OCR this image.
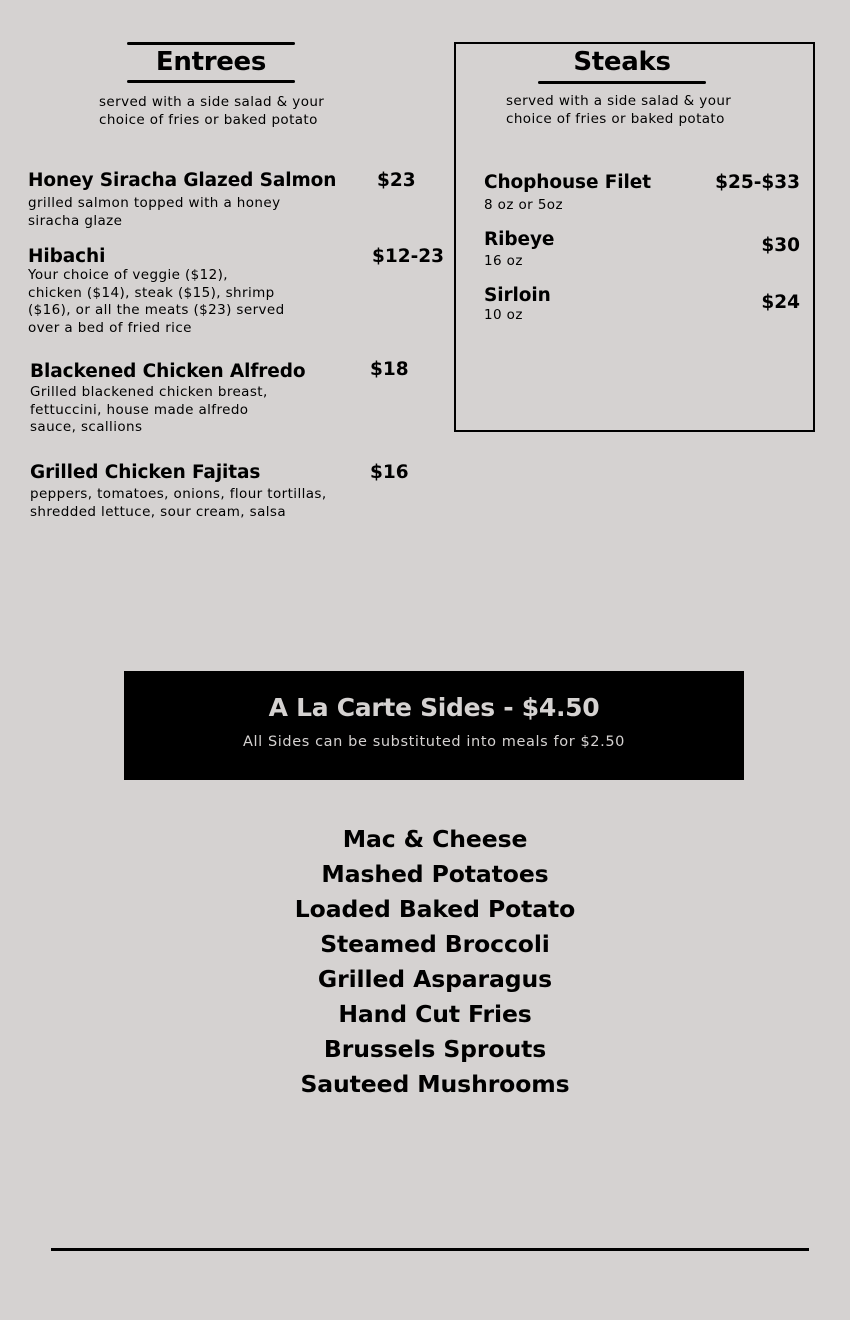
Entrees
served with a side salad & your
choice of fries or baked potato
Honey Siracha Glazed Salmon $23
grilled salmon topped with a honey
siracha glaze
Hibachi	$12-23
Your choice of veggie ($12),
chicken ($14), steak ($15), shrimp
($16), or all the meats ($23) served
over a bed of fried rice
Blackened Chicken Alfredo	$18
Grilled blackened chicken breast,
fettuccini, house made alfredo
sauce, scallions
Grilled Chicken Fajitas	$16
peppers, tomatoes, onions, flour tortillas,
shredded lettuce, sour cream, salsa
Steaks
served with a side salad & your
choice of fries or baked potato
Chophouse Filet	$25-$33
8 oz or 5oz
Ribeye	$30
16 oz
Sirloin	$24
10 oz
A La Carte Sides - $4.50
All Sides can be substituted into meals for $2.50
Mac & Cheese
Mashed Potatoes
Loaded Baked Potato
Steamed Broccoli
Grilled Asparagus
Hand Cut Fries
Brussels Sprouts
Sauteed Mushrooms
